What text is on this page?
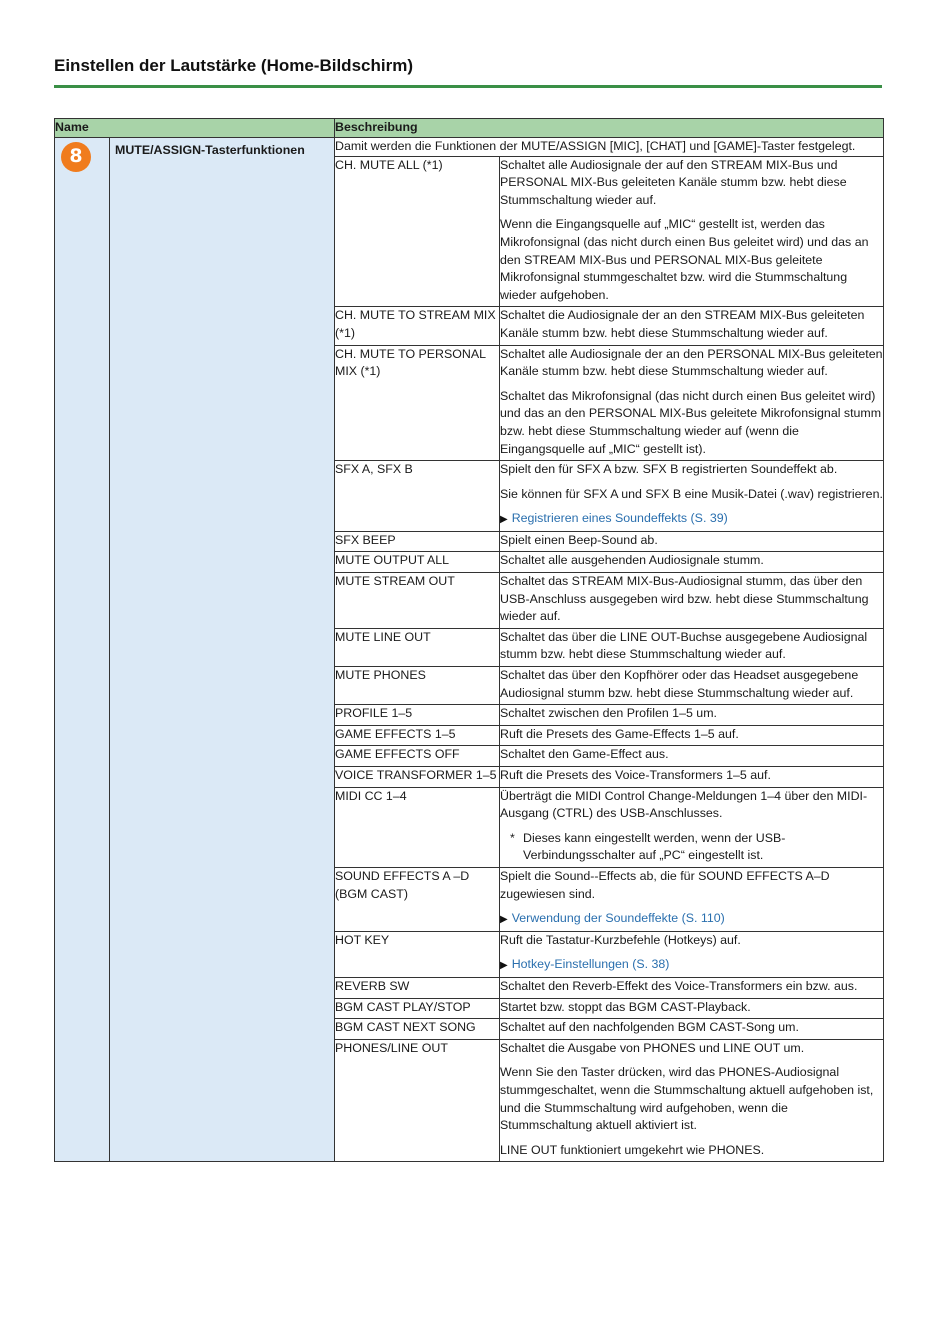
Einstellen der Lautstärke (Home-Bildschirm)
Name		Beschreibung	

8	MUTE/ASSIGN-Tasterfunktionen	Damit werden die Funktionen der MUTE/ASSIGN [MIC], [CHAT] und [GAME]-Taster festgelegt.	
		CH. MUTE ALL (*1)	Schaltet alle Audiosignale der auf den STREAM MIX-Bus und PERSONAL MIX-Bus geleiteten Kanäle stumm bzw. hebt diese Stummschaltung wieder auf.

Wenn die Eingangsquelle auf „MIC“ gestellt ist, werden das Mikrofonsignal (das nicht durch einen Bus geleitet wird) und das an den STREAM MIX-Bus und PERSONAL MIX-Bus geleitete Mikrofonsignal stummgeschaltet bzw. wird die Stummschaltung wieder aufgehoben.

		CH. MUTE TO STREAM MIX (*1)	Schaltet die Audiosignale der an den STREAM MIX-Bus geleiteten Kanäle stumm bzw. hebt diese Stummschaltung wieder auf.

		CH. MUTE TO PERSONAL MIX (*1)	Schaltet alle Audiosignale der an den PERSONAL MIX-Bus geleiteten Kanäle stumm bzw. hebt diese Stummschaltung wieder auf.

Schaltet das Mikrofonsignal (das nicht durch einen Bus geleitet wird) und das an den PERSONAL MIX-Bus geleitete Mikrofonsignal stumm bzw. hebt diese Stummschaltung wieder auf (wenn die Eingangsquelle auf „MIC“ gestellt ist).

		SFX A, SFX B	Spielt den für SFX A bzw. SFX B registrierten Soundeffekt ab.

Sie können für SFX A und SFX B eine Musik-Datei (.wav) registrieren.

▶ Registrieren eines Soundeffekts (S. 39)

		SFX BEEP	Spielt einen Beep-Sound ab.

		MUTE OUTPUT ALL	Schaltet alle ausgehenden Audiosignale stumm.

		MUTE STREAM OUT	Schaltet das STREAM MIX-Bus-Audiosignal stumm, das über den USB-Anschluss ausgegeben wird bzw. hebt diese Stummschaltung wieder auf.

		MUTE LINE OUT	Schaltet das über die LINE OUT-Buchse ausgegebene Audiosignal stumm bzw. hebt diese Stummschaltung wieder auf.

		MUTE PHONES	Schaltet das über den Kopfhörer oder das Headset ausgegebene Audiosignal stumm bzw. hebt diese Stummschaltung wieder auf.

		PROFILE 1–5	Schaltet zwischen den Profilen 1–5 um.

		GAME EFFECTS 1–5	Ruft die Presets des Game-Effects 1–5 auf.

		GAME EFFECTS OFF	Schaltet den Game-Effect aus.

		VOICE TRANSFORMER 1–5	Ruft die Presets des Voice-Transformers 1–5 auf.

		MIDI CC 1–4	Überträgt die MIDI Control Change-Meldungen 1–4 über den MIDI-Ausgang (CTRL) des USB-Anschlusses.

* Dieses kann eingestellt werden, wenn der USB-Verbindungsschalter auf „PC“ eingestellt ist.

		SOUND EFFECTS A –D (BGM CAST)	Spielt die Sound--Effects ab, die für SOUND EFFECTS A–D zugewiesen sind.

▶ Verwendung der Soundeffekte (S. 110)

		HOT KEY	Ruft die Tastatur-Kurzbefehle (Hotkeys) auf.

▶ Hotkey-Einstellungen (S. 38)

		REVERB SW	Schaltet den Reverb-Effekt des Voice-Transformers ein bzw. aus.

		BGM CAST PLAY/STOP	Startet bzw. stoppt das BGM CAST-Playback.

		BGM CAST NEXT SONG	Schaltet auf den nachfolgenden BGM CAST-Song um.

		PHONES/LINE OUT	Schaltet die Ausgabe von PHONES und LINE OUT um.

Wenn Sie den Taster drücken, wird das PHONES-Audiosignal stummgeschaltet, wenn die Stummschaltung aktuell aufgehoben ist, und die Stummschaltung wird aufgehoben, wenn die Stummschaltung aktuell aktiviert ist.

LINE OUT funktioniert umgekehrt wie PHONES.
